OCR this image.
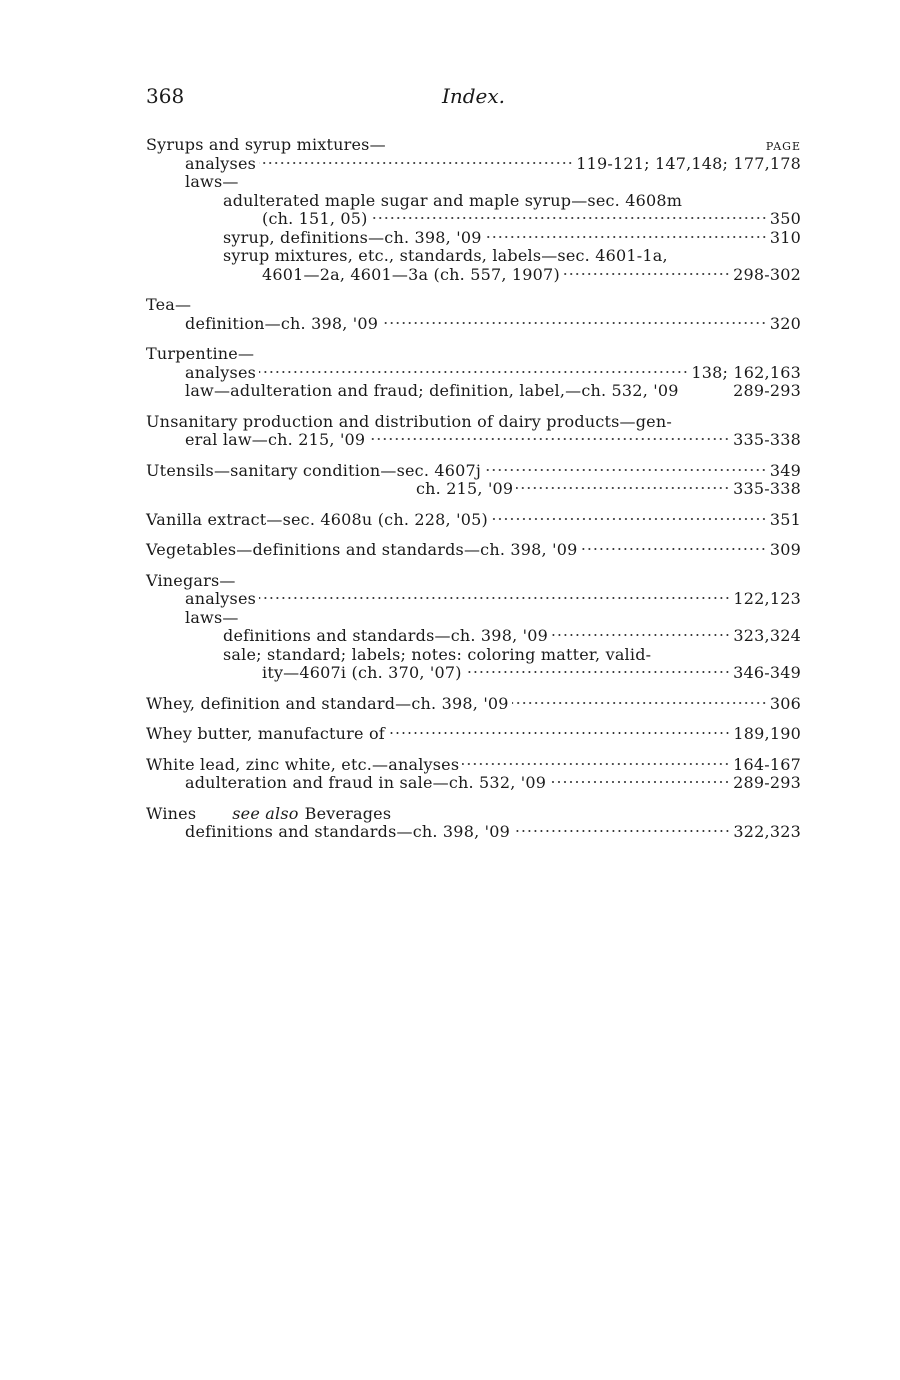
368	Index.
PAGE
Syrups and syrup mixtures—
analyses	119-121; 147,148; 177,178
laws—
adulterated maple sugar and maple syrup—sec. 4608m
(ch. 151, 05)	350
syrup, definitions—ch. 398, '09	310
syrup mixtures, etc., standards, labels—sec. 4601-1a,
4601—2a, 4601—3a (ch. 557, 1907)	298-302
Tea—
definition—ch. 398, '09	320
Turpentine—
analyses	138; 162,163
law—adulteration and fraud; definition, label,—ch. 532, '09	289-293
Unsanitary production and distribution of dairy products—gen-
eral law—ch. 215, '09	335-338
Utensils—sanitary condition—sec. 4607j	349
ch. 215, '09	335-338
Vanilla extract—sec. 4608u (ch. 228, '05)	351
Vegetables—definitions and standards—ch. 398, '09	309
Vinegars—
analyses	122,123
laws—
definitions and standards—ch. 398, '09	323,324
sale; standard; labels; notes: coloring matter, valid-
ity—4607i (ch. 370, '07)	346-349
Whey, definition and standard—ch. 398, '09	306
Whey butter, manufacture of	189,190
White lead, zinc white, etc.—analyses	164-167
adulteration and fraud in sale—ch. 532, '09	289-293
Wines see also Beverages
definitions and standards—ch. 398, '09	322,323
